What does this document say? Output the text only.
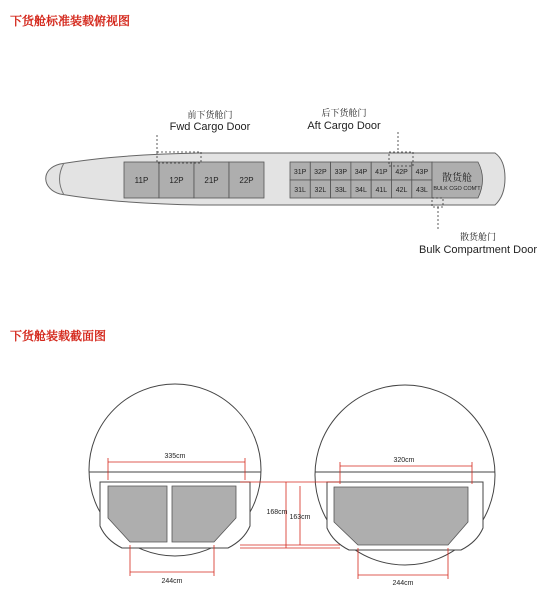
下货舱标准装载俯视图
下货舱装载截面图
11P	12P	21P	22P
前下货舱门
Fwd Cargo Door
31P 32P 33P 34P 41P 42P 43P
31L 32L 33L 34L 41L 42L 43L
散货舱
BULK CGO COM'T
后下货舱门
Aft Cargo Door
散货舱门
Bulk Compartment Door
335cm
320cm
168cm
163cm
244cm	244cm
